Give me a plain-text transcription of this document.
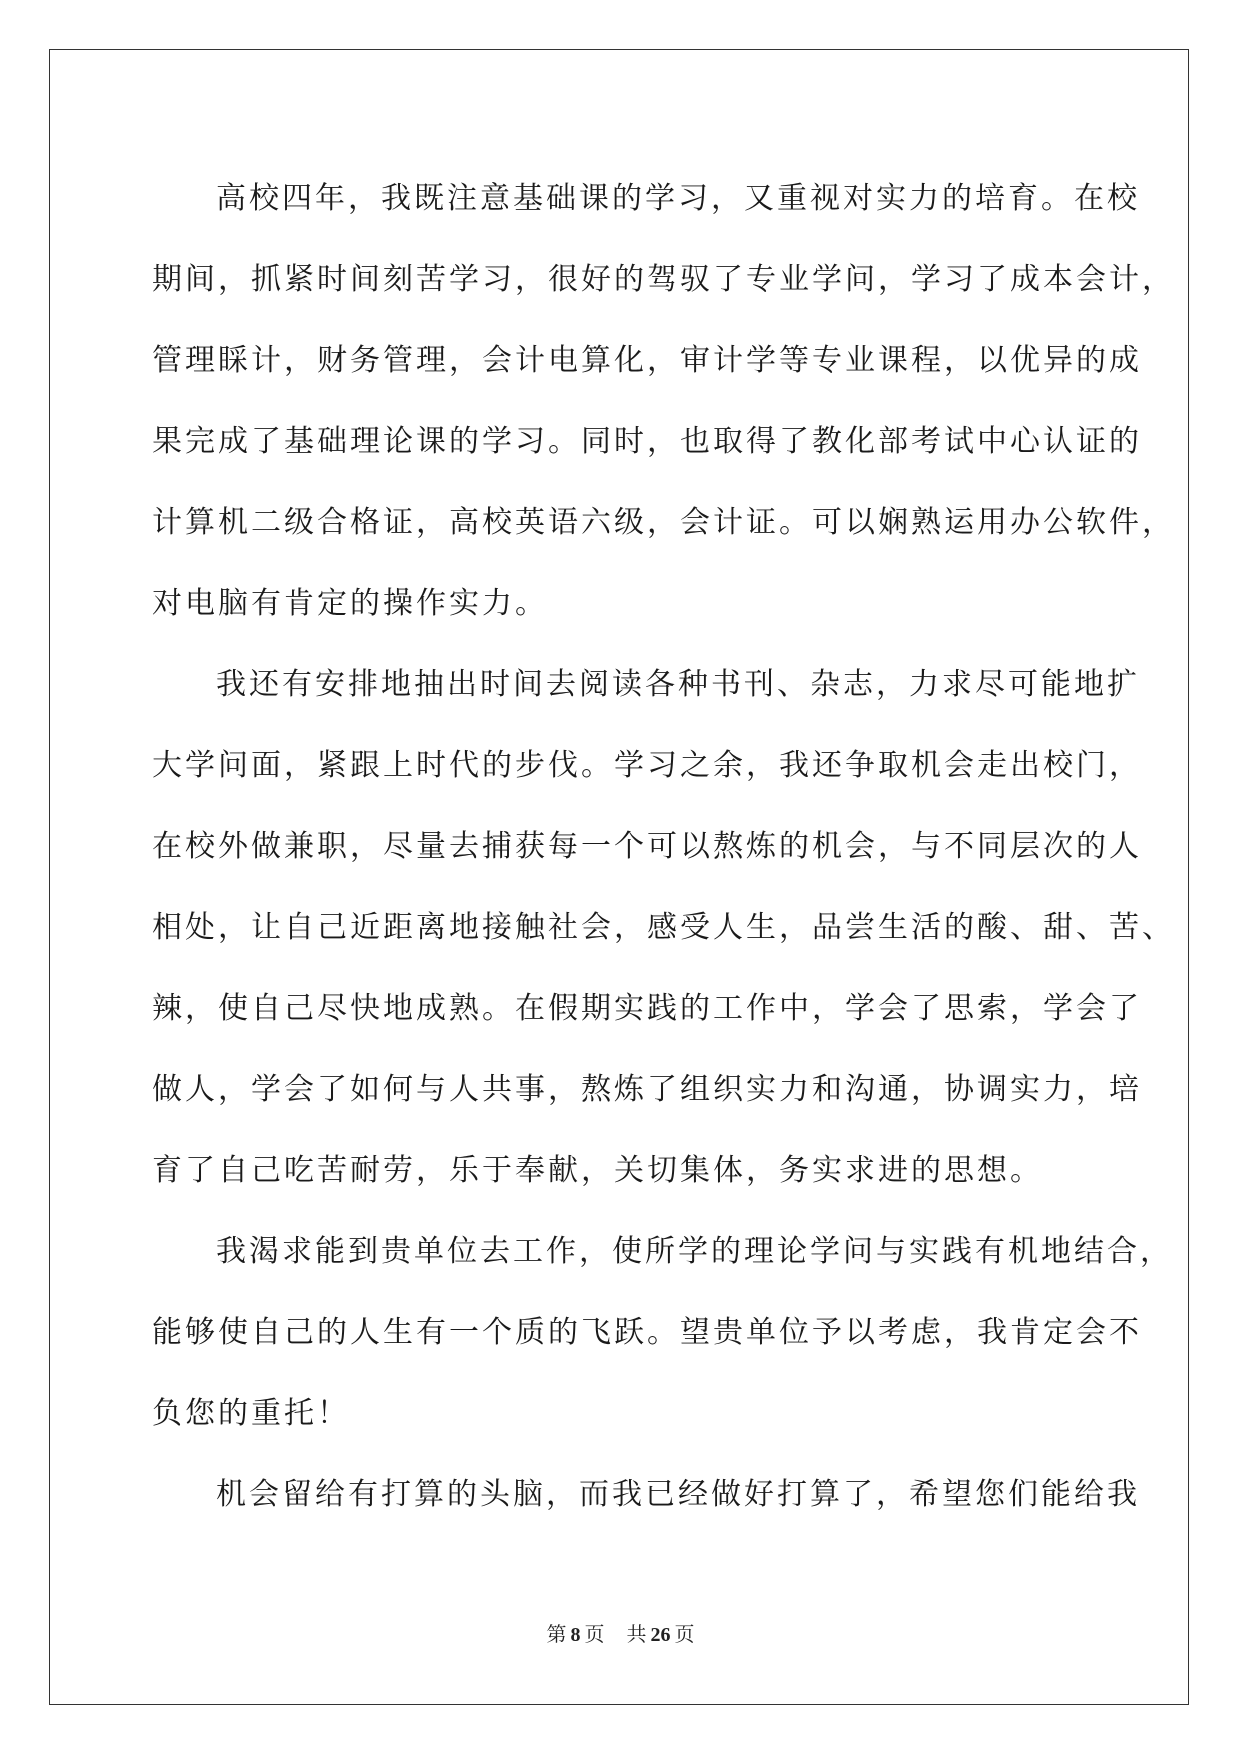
高校四年，我既注意基础课的学习，又重视对实力的培育。在校
期间，抓紧时间刻苦学习，很好的驾驭了专业学问，学习了成本会计，
管理睬计，财务管理，会计电算化，审计学等专业课程，以优异的成
果完成了基础理论课的学习。同时，也取得了教化部考试中心认证的
计算机二级合格证，高校英语六级，会计证。可以娴熟运用办公软件，
对电脑有肯定的操作实力。
我还有安排地抽出时间去阅读各种书刊、杂志，力求尽可能地扩
大学问面，紧跟上时代的步伐。学习之余，我还争取机会走出校门，
在校外做兼职，尽量去捕获每一个可以熬炼的机会，与不同层次的人
相处，让自己近距离地接触社会，感受人生，品尝生活的酸、甜、苦、
辣，使自己尽快地成熟。在假期实践的工作中，学会了思索，学会了
做人，学会了如何与人共事，熬炼了组织实力和沟通，协调实力，培
育了自己吃苦耐劳，乐于奉献，关切集体，务实求进的思想。
我渴求能到贵单位去工作，使所学的理论学问与实践有机地结合，
能够使自己的人生有一个质的飞跃。望贵单位予以考虑，我肯定会不
负您的重托！
机会留给有打算的头脑，而我已经做好打算了，希望您们能给我
第 8 页 共 26 页
